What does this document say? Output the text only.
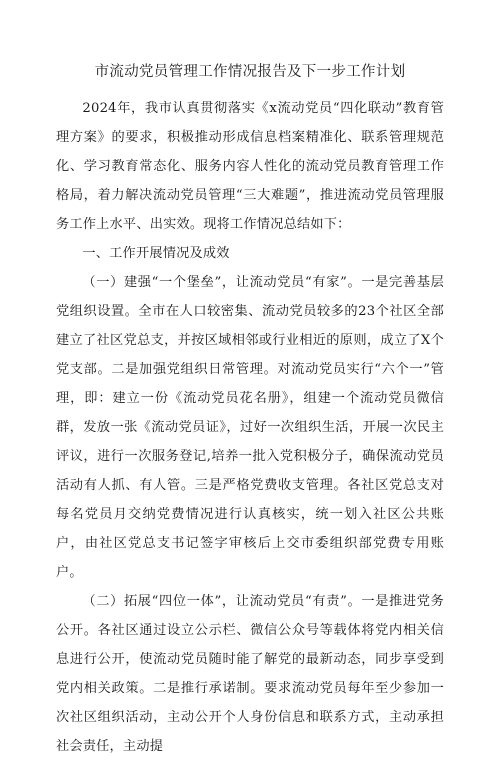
市流动党员管理工作情况报告及下一步工作计划

2024年，我市认真贯彻落实《x流动党员“四化联动”教育管理方案》的要求，积极推动形成信息档案精准化、联系管理规范化、学习教育常态化、服务内容人性化的流动党员教育管理工作格局，着力解决流动党员管理“三大难题”，推进流动党员管理服务工作上水平、出实效。现将工作情况总结如下：

一、工作开展情况及成效

（一）建强“一个堡垒”，让流动党员“有家”。一是完善基层党组织设置。全市在人口较密集、流动党员较多的23个社区全部建立了社区党总支，并按区域相邻或行业相近的原则，成立了X个党支部。二是加强党组织日常管理。对流动党员实行“六个一”管理，即：建立一份《流动党员花名册》，组建一个流动党员微信群，发放一张《流动党员证》，过好一次组织生活，开展一次民主评议，进行一次服务登记,培养一批入党积极分子，确保流动党员活动有人抓、有人管。三是严格党费收支管理。各社区党总支对每名党员月交纳党费情况进行认真核实，统一划入社区公共账户，由社区党总支书记签字审核后上交市委组织部党费专用账户。

（二）拓展“四位一体”，让流动党员“有责”。一是推进党务公开。各社区通过设立公示栏、微信公众号等载体将党内相关信息进行公开，使流动党员随时能了解党的最新动态，同步享受到党内相关政策。二是推行承诺制。要求流动党员每年至少参加一次社区组织活动，主动公开个人身份信息和联系方式，主动承担社会责任，主动提
